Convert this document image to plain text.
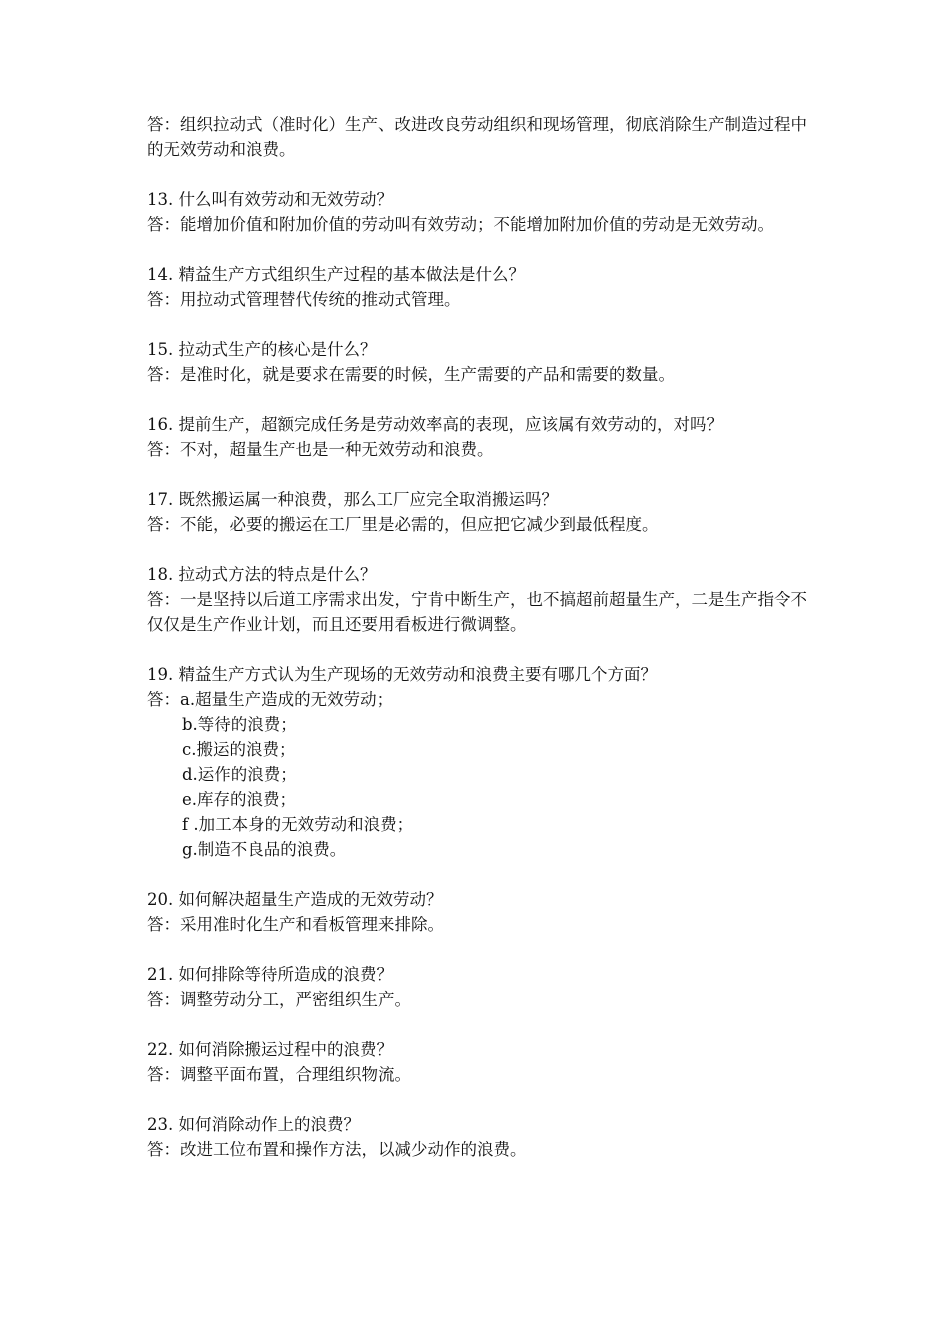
答：组织拉动式（准时化）生产、改进改良劳动组织和现场管理，彻底消除生产制造过程中的无效劳动和浪费。
13. 什么叫有效劳动和无效劳动？
答：能增加价值和附加价值的劳动叫有效劳动；不能增加附加价值的劳动是无效劳动。
14. 精益生产方式组织生产过程的基本做法是什么？
答：用拉动式管理替代传统的推动式管理。
15. 拉动式生产的核心是什么？
答：是准时化，就是要求在需要的时候，生产需要的产品和需要的数量。
16. 提前生产，超额完成任务是劳动效率高的表现，应该属有效劳动的，对吗？
答：不对，超量生产也是一种无效劳动和浪费。
17. 既然搬运属一种浪费，那么工厂应完全取消搬运吗？
答：不能，必要的搬运在工厂里是必需的，但应把它减少到最低程度。
18. 拉动式方法的特点是什么？
答：一是坚持以后道工序需求出发，宁肯中断生产，也不搞超前超量生产，二是生产指令不仅仅是生产作业计划，而且还要用看板进行微调整。
19. 精益生产方式认为生产现场的无效劳动和浪费主要有哪几个方面？
答：a.超量生产造成的无效劳动；
b.等待的浪费；
c.搬运的浪费；
d.运作的浪费；
e.库存的浪费；
f .加工本身的无效劳动和浪费；
g.制造不良品的浪费。
20. 如何解决超量生产造成的无效劳动？
答：采用准时化生产和看板管理来排除。
21. 如何排除等待所造成的浪费？
答：调整劳动分工，严密组织生产。
22. 如何消除搬运过程中的浪费？
答：调整平面布置，合理组织物流。
23. 如何消除动作上的浪费？
答：改进工位布置和操作方法，以减少动作的浪费。
